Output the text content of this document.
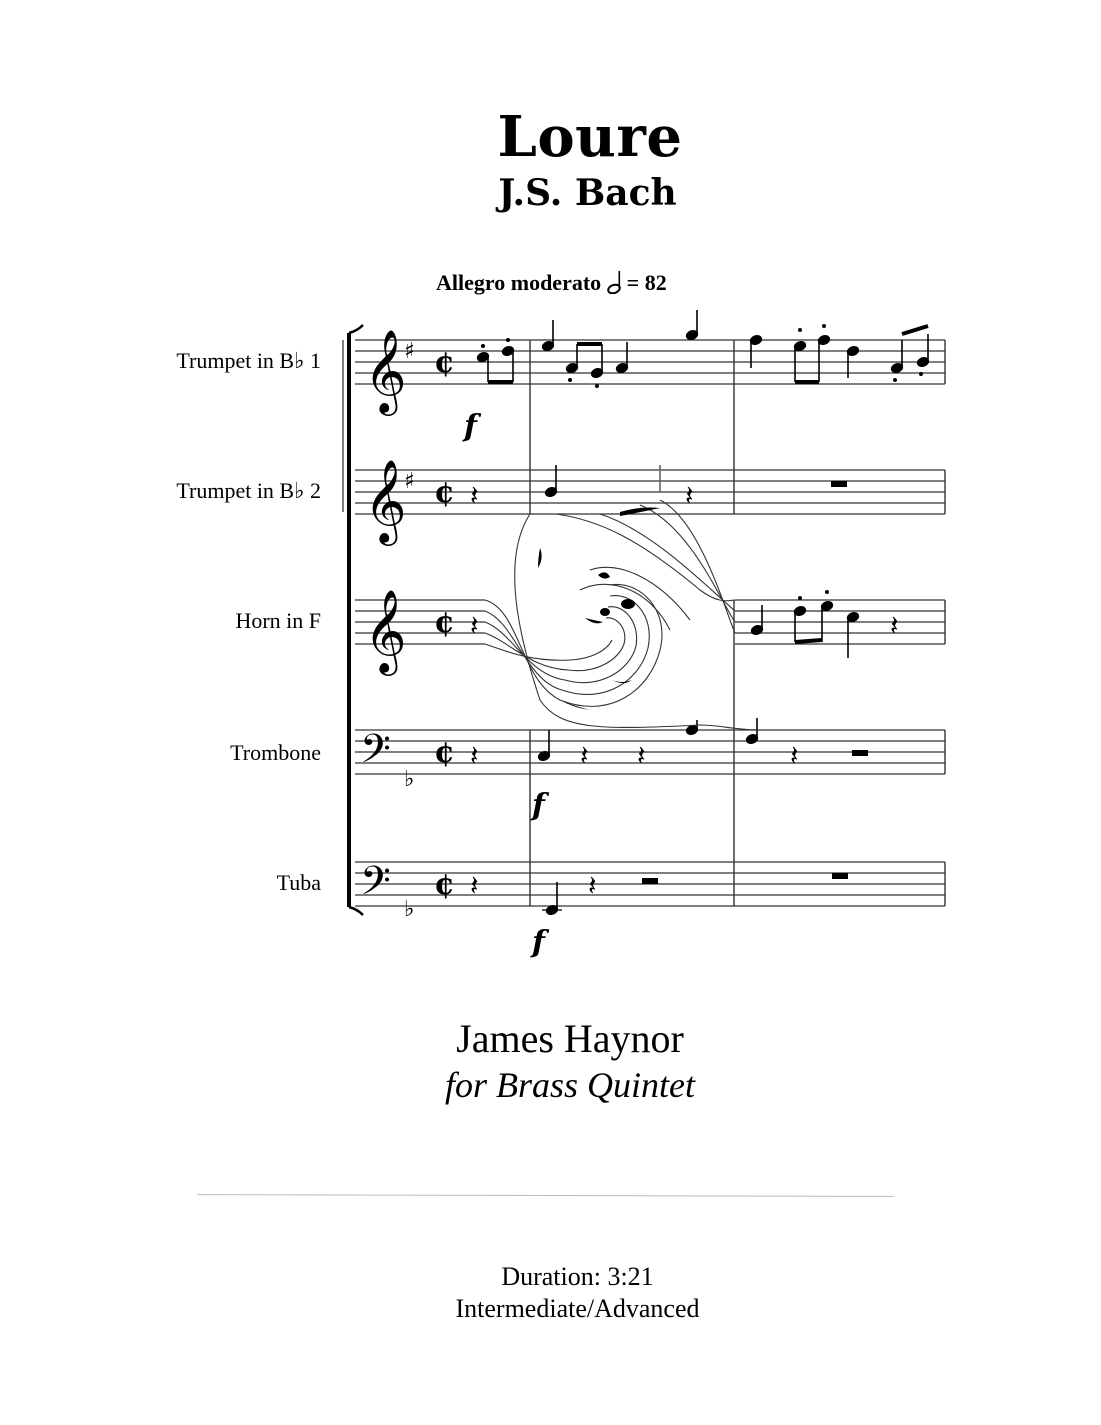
Loure
J.S. Bach
Allegro moderato = 82
Trumpet in B♭ 1
Trumpet in B♭ 2
Horn in F
Trombone
Tuba
𝄞
𝄞
𝄞
𝄢
𝄢
♯
♯
♭
♭
¢
¢
¢
¢
¢
𝄽	𝄽
𝄽	𝄽
𝄽	𝄽 𝄽	𝄽
𝄽	𝄽
f
f
f
James Haynor
for Brass Quintet
Duration: 3:21
Intermediate/Advanced
